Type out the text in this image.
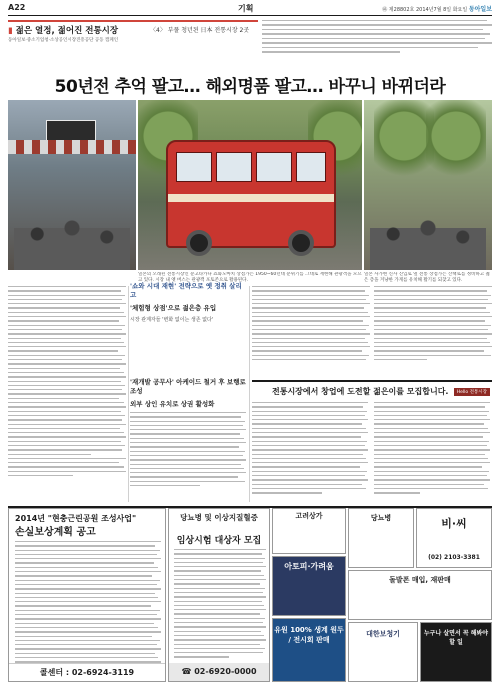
A22	기획	㉻ 제28802호 2014년7월 8일 화요일 동아일보
▮ 젊은 열정, 젊어진 전통시장	〈4〉 부풀 청년된 日本 전통시장 2곳
동아일보·중소기업청·소상공인시장진흥공단 공동 캠페인
50년전 추억 팔고… 해외명품 팔고… 바꾸니 바뀌더라
일본의 오래된 전통시장인 분고타카다 쇼와노마치 상점가는 1950~60년대 분위기를 그대로 재현해 관광객을 모으고 있다. 시장 내 옛 버스는 관광객 포토존으로 활용된다.
일본 사가현 신사 진입로 옆 전통 상점가는 산책로를 정비하고 젊은 층을 겨냥한 가게를 유치해 활기를 되찾고 있다.
'쇼와 시대 재현' 전략으로 옛 정취 살리고
'체험형 상점'으로 젊은층 유입
시장 관계자들 '변화 없이는 생존 없다'
'재개발 공무사' 아케이드 철거 후 보행로 조성
외부 상인 유치로 상권 활성화
전통시장에서 창업에 도전할 젊은이를 모집합니다.	Hello 전통시장
2014년 "현충근린공원 조성사업"
손실보상계획 공고
콜센터 : 02-6924-3119
당뇨병 및 이상지질혈증
임상시험 대상자 모집
☎ 02-6920-0000
고려상가
아토피·가려움
유원 100% 생계 원두 / 전시회 판매
당뇨병	비·씨
(02) 2103-3381
돌발폰 매입, 재판매
대한보청기	누구나 살면서 꼭 해봐야 할 일
